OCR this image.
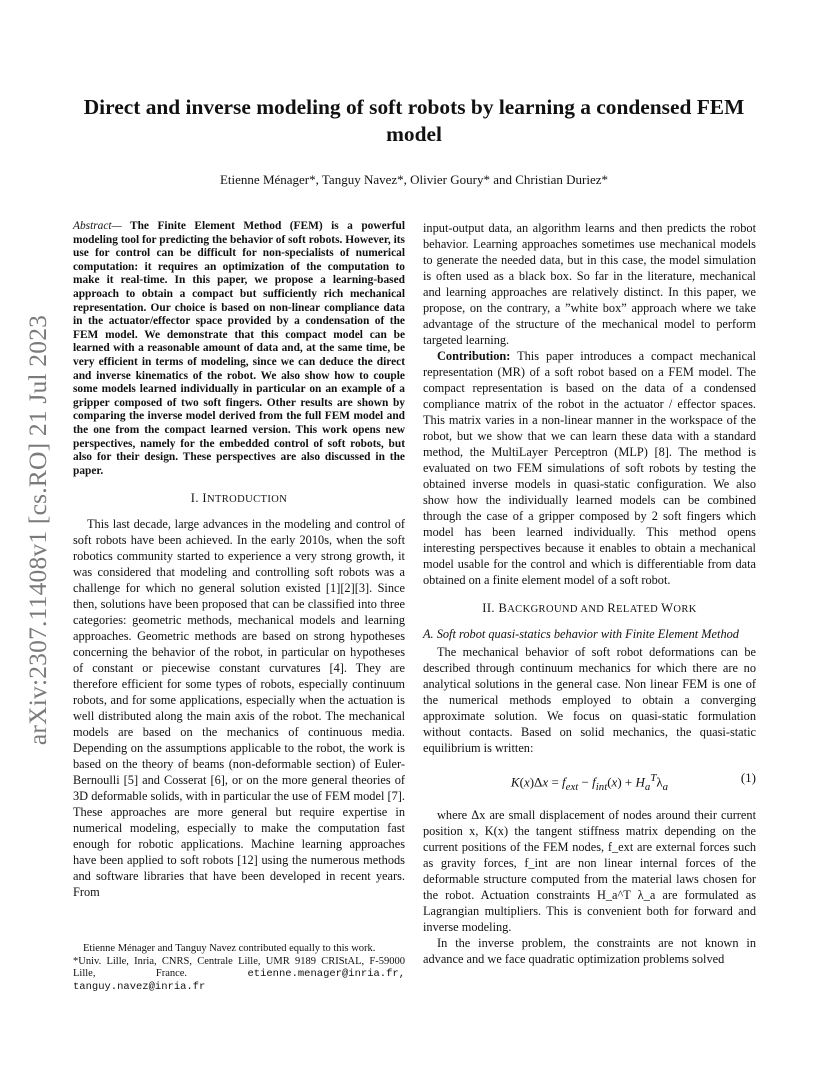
arXiv:2307.11408v1 [cs.RO] 21 Jul 2023
Direct and inverse modeling of soft robots by learning a condensed FEM model
Etienne Ménager*, Tanguy Navez*, Olivier Goury* and Christian Duriez*

Abstract— The Finite Element Method (FEM) is a powerful modeling tool for predicting the behavior of soft robots. However, its use for control can be difficult for non-specialists of numerical computation: it requires an optimization of the computation to make it real-time. In this paper, we propose a learning-based approach to obtain a compact but sufficiently rich mechanical representation. Our choice is based on non-linear compliance data in the actuator/effector space provided by a condensation of the FEM model. We demonstrate that this compact model can be learned with a reasonable amount of data and, at the same time, be very efficient in terms of modeling, since we can deduce the direct and inverse kinematics of the robot. We also show how to couple some models learned individually in particular on an example of a gripper composed of two soft fingers. Other results are shown by comparing the inverse model derived from the full FEM model and the one from the compact learned version. This work opens new perspectives, namely for the embedded control of soft robots, but also for their design. These perspectives are also discussed in the paper.

I. INTRODUCTION

This last decade, large advances in the modeling and control of soft robots have been achieved. In the early 2010s, when the soft robotics community started to experience a very strong growth, it was considered that modeling and controlling soft robots was a challenge for which no general solution existed [1][2][3]. Since then, solutions have been proposed that can be classified into three categories: geometric methods, mechanical models and learning approaches. Geometric methods are based on strong hypotheses concerning the behavior of the robot, in particular on hypotheses of constant or piecewise constant curvatures [4]. They are therefore efficient for some types of robots, especially continuum robots, and for some applications, especially when the actuation is well distributed along the main axis of the robot. The mechanical models are based on the mechanics of continuous media. Depending on the assumptions applicable to the robot, the work is based on the theory of beams (non-deformable section) of Euler- Bernoulli [5] and Cosserat [6], or on the more general theories of 3D deformable solids, with in particular the use of FEM model [7]. These approaches are more general but require expertise in numerical modeling, especially to make the computation fast enough for robotic applications. Machine learning approaches have been applied to soft robots [12] using the numerous methods and software libraries that have been developed in recent years. From

Etienne Ménager and Tanguy Navez contributed equally to this work.

*Univ. Lille, Inria, CNRS, Centrale Lille, UMR 9189 CRIStAL, F-59000 Lille, France. etienne.menager@inria.fr, tanguy.navez@inria.fr

input-output data, an algorithm learns and then predicts the robot behavior. Learning approaches sometimes use mechanical models to generate the needed data, but in this case, the model simulation is often used as a black box. So far in the literature, mechanical and learning approaches are relatively distinct. In this paper, we propose, on the contrary, a ”white box” approach where we take advantage of the structure of the mechanical model to perform targeted learning.

Contribution: This paper introduces a compact mechanical representation (MR) of a soft robot based on a FEM model. The compact representation is based on the data of a condensed compliance matrix of the robot in the actuator / effector spaces. This matrix varies in a non-linear manner in the workspace of the robot, but we show that we can learn these data with a standard method, the MultiLayer Perceptron (MLP) [8]. The method is evaluated on two FEM simulations of soft robots by testing the obtained inverse models in quasi-static configuration. We also show how the individually learned models can be combined through the case of a gripper composed by 2 soft fingers which model has been learned individually. This method opens interesting perspectives because it enables to obtain a mechanical model usable for the control and which is differentiable from data obtained on a finite element model of a soft robot.

II. BACKGROUND AND RELATED WORK
A. Soft robot quasi-statics behavior with Finite Element Method

The mechanical behavior of soft robot deformations can be described through continuum mechanics for which there are no analytical solutions in the general case. Non linear FEM is one of the numerical methods employed to obtain a converging approximate solution. We focus on quasi-static formulation without contacts. Based on solid mechanics, the quasi-static equilibrium is written:

$K(x)\Delta x = f_{ext} - f_{int}(x) + H_a^T\lambda_a$
(1)

where Δx are small displacement of nodes around their current position x, K(x) the tangent stiffness matrix depending on the current positions of the FEM nodes, f_ext are external forces such as gravity forces, f_int are non linear internal forces of the deformable structure computed from the material laws chosen for the robot. Actuation constraints H_a^T λ_a are formulated as Lagrangian multipliers. This is convenient both for forward and inverse modeling.

In the inverse problem, the constraints are not known in advance and we face quadratic optimization problems solved
